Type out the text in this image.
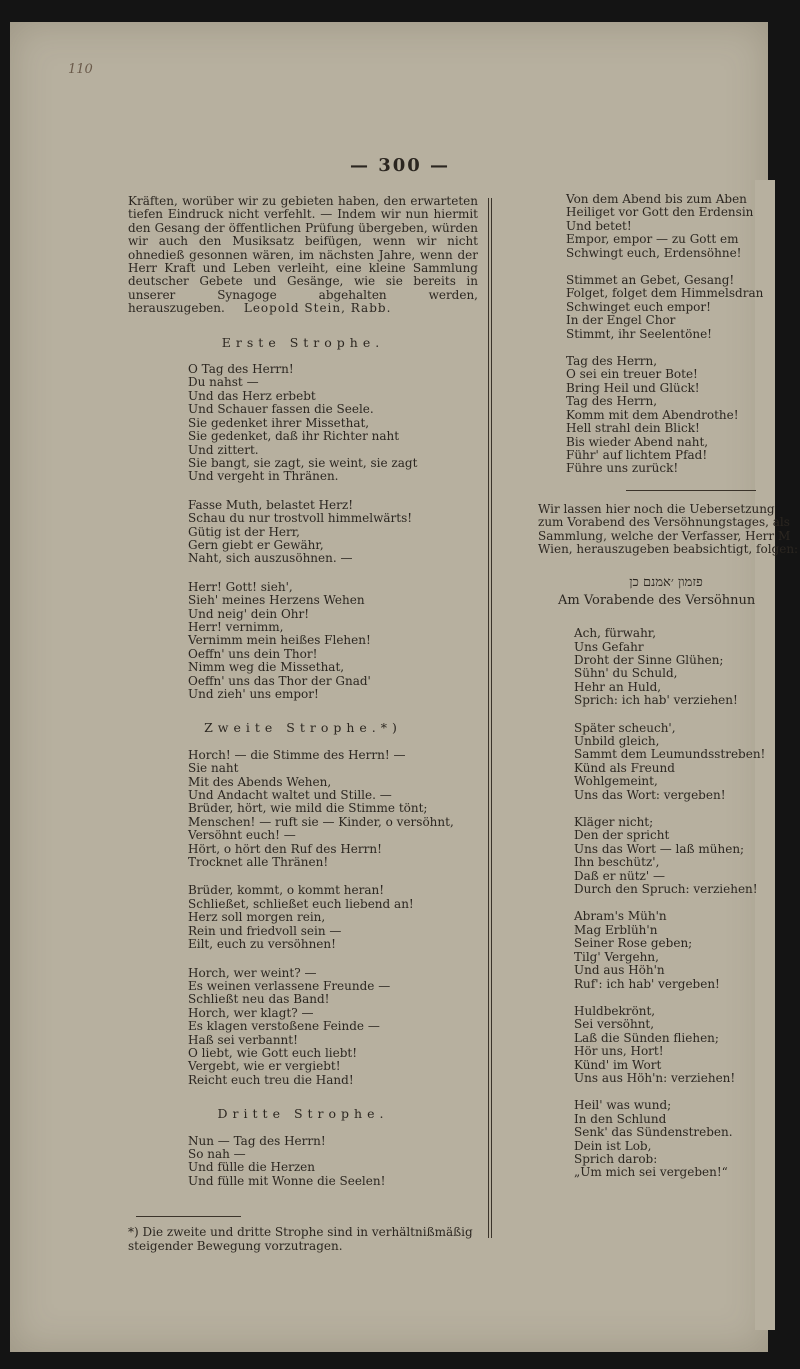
110
— 300 —

Kräften, worüber wir zu gebieten haben, den erwarteten tiefen Eindruck nicht verfehlt. — Indem wir nun hiermit den Gesang der öffentlichen Prüfung übergeben, würden wir auch den Musiksatz beifügen, wenn wir nicht ohnedieß gesonnen wären, im nächsten Jahre, wenn der Herr Kraft und Leben verleiht, eine kleine Sammlung deutscher Gebete und Gesänge, wie sie bereits in unserer Synagoge abgehalten werden, herauszugeben. Leopold Stein, Rabb.

Erste Strophe.
O Tag des Herrn!
Du nahst —
Und das Herz erbebt
Und Schauer fassen die Seele.
Sie gedenket ihrer Missethat,
Sie gedenket, daß ihr Richter naht
Und zittert.
Sie bangt, sie zagt, sie weint, sie zagt
Und vergeht in Thränen.
Fasse Muth, belastet Herz!
Schau du nur trostvoll himmelwärts!
Gütig ist der Herr,
Gern giebt er Gewähr,
Naht, sich auszusöhnen. —
Herr! Gott! sieh',
Sieh' meines Herzens Wehen
Und neig' dein Ohr!
Herr! vernimm,
Vernimm mein heißes Flehen!
Oeffn' uns dein Thor!
Nimm weg die Missethat,
Oeffn' uns das Thor der Gnad'
Und zieh' uns empor!
Zweite Strophe.*)
Horch! — die Stimme des Herrn! —
Sie naht
Mit des Abends Wehen,
Und Andacht waltet und Stille. —
Brüder, hört, wie mild die Stimme tönt;
Menschen! — ruft sie — Kinder, o versöhnt,
Versöhnt euch! —
Hört, o hört den Ruf des Herrn!
Trocknet alle Thränen!
Brüder, kommt, o kommt heran!
Schließet, schließet euch liebend an!
Herz soll morgen rein,
Rein und friedvoll sein —
Eilt, euch zu versöhnen!
Horch, wer weint? —
Es weinen verlassene Freunde —
Schließt neu das Band!
Horch, wer klagt? —
Es klagen verstoßene Feinde —
Haß sei verbannt!
O liebt, wie Gott euch liebt!
Vergebt, wie er vergiebt!
Reicht euch treu die Hand!
Dritte Strophe.
Nun — Tag des Herrn!
So nah —
Und fülle die Herzen
Und fülle mit Wonne die Seelen!

*) Die zweite und dritte Strophe sind in verhältnißmäßig steigender Bewegung vorzutragen.

Von dem Abend bis zum Aben
Heiliget vor Gott den Erdensin
Und betet!
Empor, empor — zu Gott em
Schwingt euch, Erdensöhne!
Stimmet an Gebet, Gesang!
Folget, folget dem Himmelsdran
Schwinget euch empor!
In der Engel Chor
Stimmt, ihr Seelentöne!
Tag des Herrn,
O sei ein treuer Bote!
Bring Heil und Glück!
Tag des Herrn,
Komm mit dem Abendrothe!
Hell strahl dein Blick!
Bis wieder Abend naht,
Führ' auf lichtem Pfad!
Führe uns zurück!
Wir lassen hier noch die Uebersetzung
zum Vorabend des Versöhnungstages, als
Sammlung, welche der Verfasser, Herr M
Wien, herauszugeben beabsichtigt, folgen:
פזמון ׳אמנם כן
Am Vorabende des Versöhnun
Ach, fürwahr,
Uns Gefahr
Droht der Sinne Glühen;
Sühn' du Schuld,
Hehr an Huld,
Sprich: ich hab' verziehen!
Später scheuch',
Unbild gleich,
Sammt dem Leumundsstreben!
Künd als Freund
Wohlgemeint,
Uns das Wort: vergeben!
Kläger nicht;
Den der spricht
Uns das Wort — laß mühen;
Ihn beschütz',
Daß er nütz' —
Durch den Spruch: verziehen!
Abram's Müh'n
Mag Erblüh'n
Seiner Rose geben;
Tilg' Vergehn,
Und aus Höh'n
Ruf': ich hab' vergeben!
Huldbekrönt,
Sei versöhnt,
Laß die Sünden fliehen;
Hör uns, Hort!
Künd' im Wort
Uns aus Höh'n: verziehen!
Heil' was wund;
In den Schlund
Senk' das Sündenstreben.
Dein ist Lob,
Sprich darob:
„Um mich sei vergeben!“
